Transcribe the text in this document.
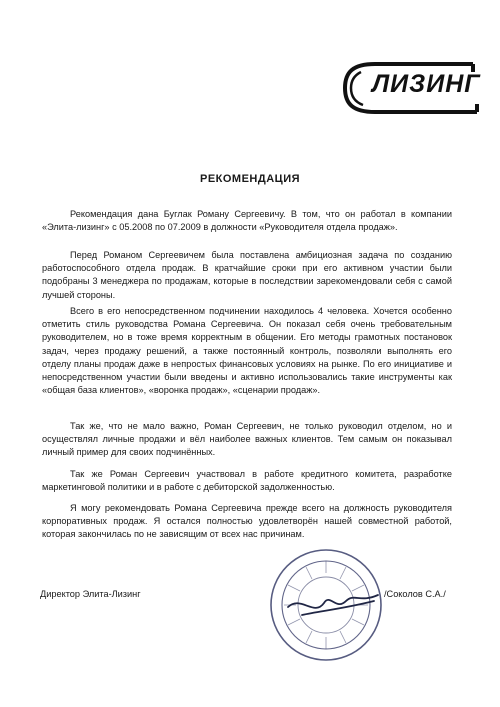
ЛИЗИНГ
РЕКОМЕНДАЦИЯ
Рекомендация дана Буглак Роману Сергеевичу. В том, что он работал в компании «Элита-лизинг» с 05.2008 по 07.2009 в должности «Руководителя отдела продаж».
Перед Романом Сергеевичем была поставлена амбициозная задача по созданию работоспособного отдела продаж. В кратчайшие сроки при его активном участии были подобраны 3 менеджера по продажам, которые в последствии зарекомендовали себя с самой лучшей стороны.
Всего в его непосредственном подчинении находилось 4 человека. Хочется особенно отметить стиль руководства Романа Сергеевича. Он показал себя очень требовательным руководителем, но в тоже время корректным в общении. Его методы грамотных постановок задач, через продажу решений, а также постоянный контроль, позволяли выполнять его отделу планы продаж даже в непростых финансовых условиях на рынке. По его инициативе и непосредственном участии были введены и активно использовались такие инструменты как «общая база клиентов», «воронка продаж», «сценарии продаж».
Так же, что не мало важно, Роман Сергеевич, не только руководил отделом, но и осуществлял личные продажи и вёл наиболее важных клиентов. Тем самым он показывал личный пример для своих подчинённых.
Так же Роман Сергеевич участвовал в работе кредитного комитета, разработке маркетинговой политики и в работе с дебиторской задолженностью.
Я могу рекомендовать Романа Сергеевича прежде всего на должность руководителя корпоративных продаж. Я остался полностью удовлетворён нашей совместной работой, которая закончилась по не зависящим от всех нас причинам.
Директор Элита-Лизинг	/Соколов С.А./
